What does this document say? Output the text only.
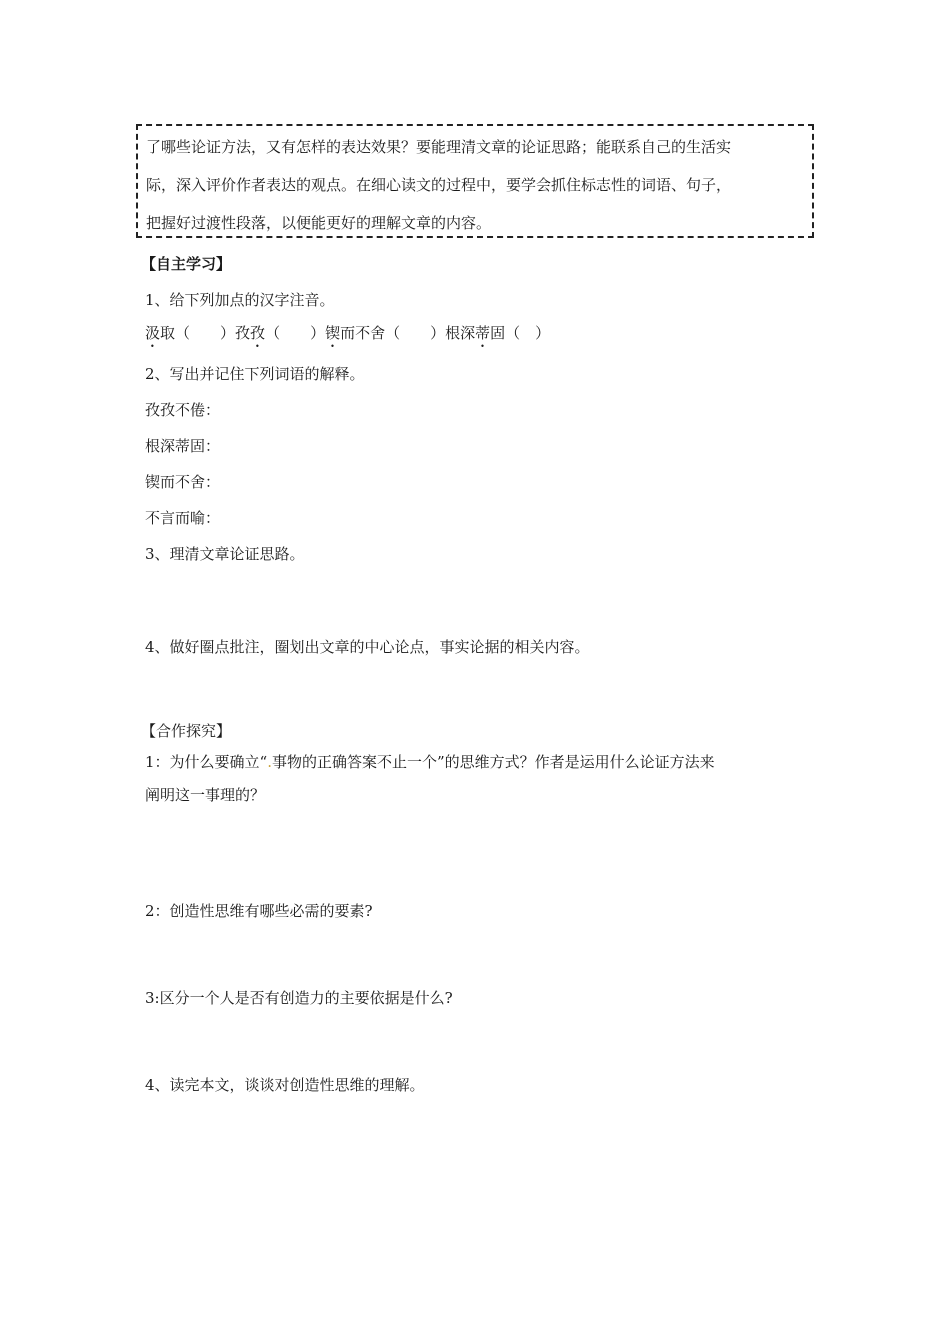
了哪些论证方法，又有怎样的表达效果？要能理清文章的论证思路；能联系自己的生活实

际，深入评价作者表达的观点。在细心读文的过程中，要学会抓住标志性的词语、句子，

把握好过渡性段落，以便能更好的理解文章的内容。

【自主学习】
1、给下列加点的汉字注音。
汲取（　　）孜孜（　　）锲而不舍（　　）根深蒂固（　）
2、写出并记住下列词语的解释。
孜孜不倦：
根深蒂固：
锲而不舍：
不言而喻：
3、理清文章论证思路。
4、做好圈点批注，圈划出文章的中心论点，事实论据的相关内容。
【合作探究】
1：为什么要确立“.事物的正确答案不止一个”的思维方式？作者是运用什么论证方法来
阐明这一事理的？
2：创造性思维有哪些必需的要素?
3:区分一个人是否有创造力的主要依据是什么?
4、读完本文，谈谈对创造性思维的理解。
